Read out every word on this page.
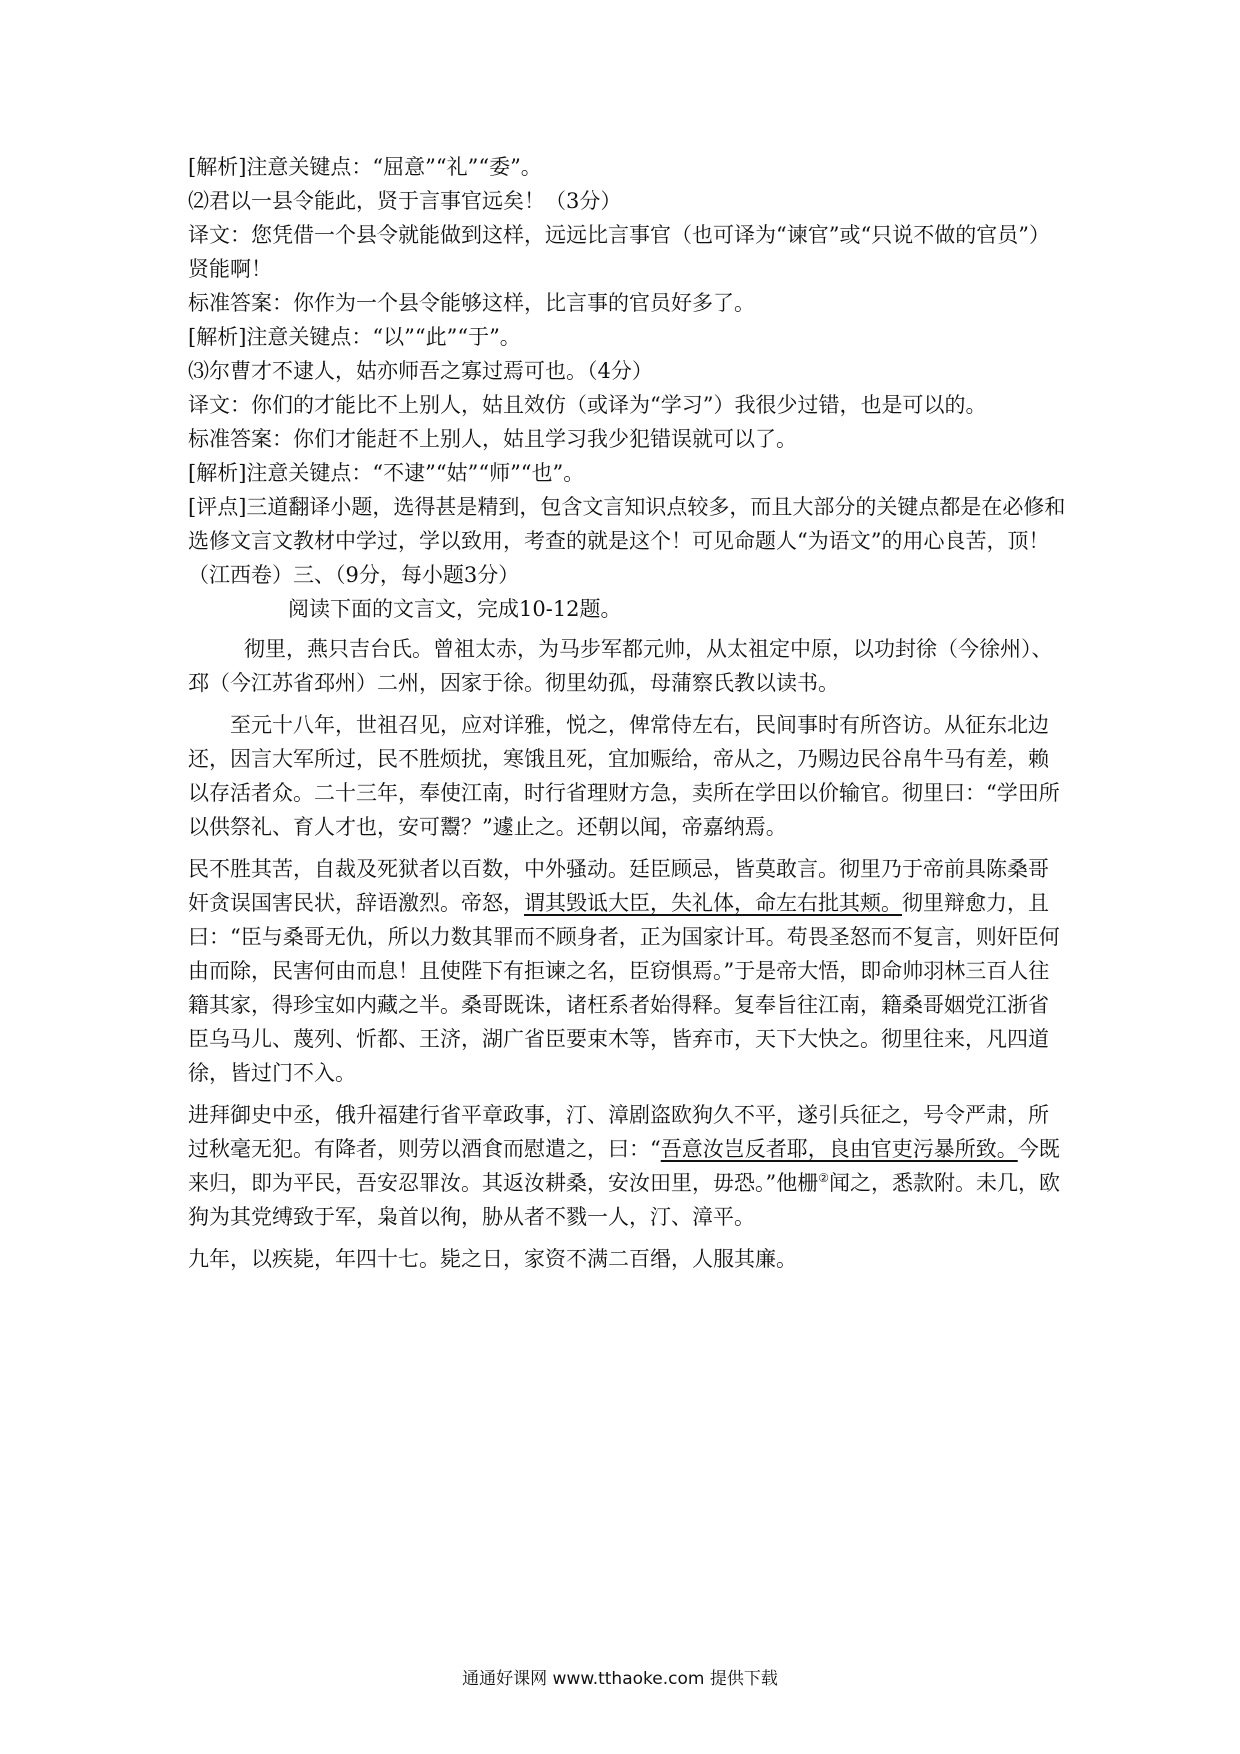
[解析]注意关键点：“屈意”“礼”“委”。

⑵君以一县令能此，贤于言事官远矣！（3分）

译文：您凭借一个县令就能做到这样，远远比言事官（也可译为“谏官”或“只说不做的官员”）贤能啊！

标准答案：你作为一个县令能够这样，比言事的官员好多了。

[解析]注意关键点：“以”“此”“于”。

⑶尔曹才不逮人，姑亦师吾之寡过焉可也。（4分）

译文：你们的才能比不上别人，姑且效仿（或译为“学习”）我很少过错，也是可以的。

标准答案：你们才能赶不上别人，姑且学习我少犯错误就可以了。

[解析]注意关键点：“不逮”“姑”“师”“也”。

[评点]三道翻译小题，选得甚是精到，包含文言知识点较多，而且大部分的关键点都是在必修和选修文言文教材中学过，学以致用，考查的就是这个！可见命题人“为语文”的用心良苦，顶！

（江西卷）三、（9分，每小题3分）

阅读下面的文言文，完成10-12题。

彻里，燕只吉台氏。曾祖太赤，为马步军都元帅，从太祖定中原，以功封徐（今徐州）、邳（今江苏省邳州）二州，因家于徐。彻里幼孤，母蒲察氏教以读书。

至元十八年，世祖召见，应对详雅，悦之，俾常侍左右，民间事时有所咨访。从征东北边还，因言大军所过，民不胜烦扰，寒饿且死，宜加赈给，帝从之，乃赐边民谷帛牛马有差，赖以存活者众。二十三年，奉使江南，时行省理财方急，卖所在学田以价输官。彻里曰：“学田所以供祭礼、育人才也，安可鬻？”遽止之。还朝以闻，帝嘉纳焉。

民不胜其苦，自裁及死狱者以百数，中外骚动。廷臣顾忌，皆莫敢言。彻里乃于帝前具陈桑哥奸贪误国害民状，辞语激烈。帝怒，谓其毁诋大臣，失礼体，命左右批其颊。彻里辩愈力，且曰：“臣与桑哥无仇，所以力数其罪而不顾身者，正为国家计耳。苟畏圣怒而不复言，则奸臣何由而除，民害何由而息！且使陛下有拒谏之名，臣窃惧焉。”于是帝大悟，即命帅羽林三百人往籍其家，得珍宝如内藏之半。桑哥既诛，诸枉系者始得释。复奉旨往江南，籍桑哥姻党江浙省臣乌马儿、蔑列、忻都、王济，湖广省臣要束木等，皆弃市，天下大快之。彻里往来，凡四道徐，皆过门不入。

进拜御史中丞，俄升福建行省平章政事，汀、漳剧盗欧狗久不平，遂引兵征之，号令严肃，所过秋毫无犯。有降者，则劳以酒食而慰遣之，曰：“吾意汝岂反者耶，良由官吏污暴所致。今既来归，即为平民，吾安忍罪汝。其返汝耕桑，安汝田里，毋恐。”他栅②闻之，悉款附。未几，欧狗为其党缚致于军，枭首以徇，胁从者不戮一人，汀、漳平。

九年，以疾毙，年四十七。毙之日，家资不满二百缗，人服其廉。

通通好课网 www.tthaoke.com 提供下载
